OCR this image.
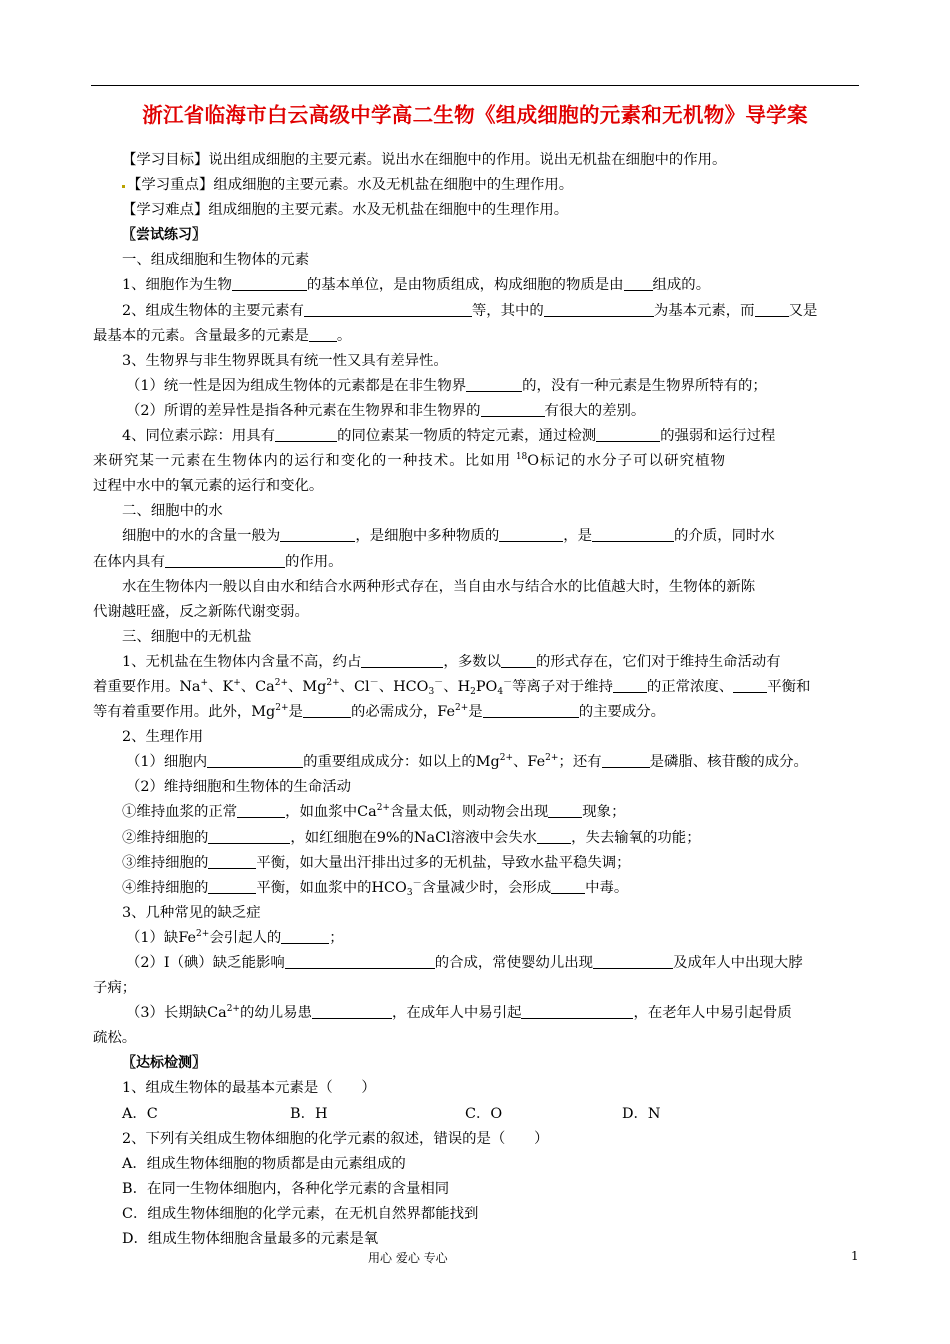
浙江省临海市白云高级中学高二生物《组成细胞的元素和无机物》导学案

【学习目标】说出组成细胞的主要元素。说出水在细胞中的作用。说出无机盐在细胞中的作用。

【学习重点】组成细胞的主要元素。水及无机盐在细胞中的生理作用。

【学习难点】组成细胞的主要元素。水及无机盐在细胞中的生理作用。

〖尝试练习〗

一、组成细胞和生物体的元素

1、细胞作为生物	的基本单位，是由物质组成，构成细胞的物质是由 组成的。

2、组成生物体的主要元素有	等，其中的	为基本元素，而 又是

最基本的元素。含量最多的元素是 。

3、生物界与非生物界既具有统一性又具有差异性。

（1）统一性是因为组成生物体的元素都是在非生物界	的，没有一种元素是生物界所特有的；

（2）所谓的差异性是指各种元素在生物界和非生物界的	有很大的差别。

4、同位素示踪：用具有	的同位素某一物质的特定元素，通过检测	的强弱和运行过程

来研究某一元素在生物体内的运行和变化的一种技术。比如用 $^{18}$O标记的水分子可以研究植物

过程中水中的氧元素的运行和变化。

二、细胞中的水

细胞中的水的含量一般为	，是细胞中多种物质的	，是	的介质，同时水

在体内具有	的作用。

水在生物体内一般以自由水和结合水两种形式存在，当自由水与结合水的比值越大时，生物体的新陈

代谢越旺盛，反之新陈代谢变弱。

三、细胞中的无机盐

1、无机盐在生物体内含量不高，约占	，多数以 的形式存在，它们对于维持生命活动有

着重要作用。Na+、K+、$Ca^{2+}$、$Mg^{2+}$、Cl－、$HCO_3^-$、$H_2PO_4^-$等离子对于维持 的正常浓度、 平衡和

等有着重要作用。此外，$Mg^{2+}$是	的必需成分，$Fe^{2+}$是	的主要成分。

2、生理作用

（1）细胞内	的重要组成成分：如以上的$Mg^{2+}$、$Fe^{2+}$；还有	是磷脂、核苷酸的成分。

（2）维持细胞和生物体的生命活动

①维持血浆的正常	，如血浆中$Ca^{2+}$含量太低，则动物会出现 现象；

②维持细胞的	，如红细胞在9%的NaCl溶液中会失水 ，失去输氧的功能；

③维持细胞的	平衡，如大量出汗排出过多的无机盐，导致水盐平稳失调；

④维持细胞的	平衡，如血浆中的$HCO_3^-$含量减少时，会形成 中毒。

3、几种常见的缺乏症

（1）缺$Fe^{2+}$会引起人的	；

（2）I（碘）缺乏能影响	的合成，常使婴幼儿出现	及成年人中出现大脖

子病；

（3）长期缺$Ca^{2+}$的幼儿易患	，在成年人中易引起	，在老年人中易引起骨质

疏松。

〖达标检测〗

1、组成生物体的最基本元素是（　　）

A．C	B．H	C．O	D．N

2、下列有关组成生物体细胞的化学元素的叙述，错误的是（　　）

A．组成生物体细胞的物质都是由元素组成的

B．在同一生物体细胞内，各种化学元素的含量相同

C．组成生物体细胞的化学元素，在无机自然界都能找到

D．组成生物体细胞含量最多的元素是氧

用心 爱心 专心	1
